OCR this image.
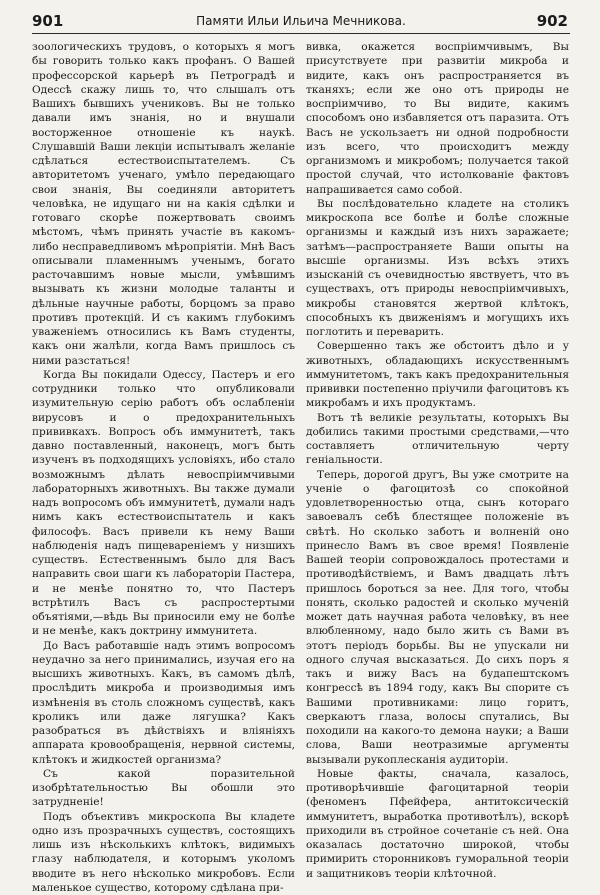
901	Памяти Ильи Ильича Мечникова.	902

зоологическихъ трудовъ, о которыхъ я могъ бы говорить только какъ профанъ. О Вашей профессорской карьерѣ въ Петроградѣ и Одессѣ скажу лишь то, что слышалъ отъ Вашихъ бывшихъ учениковъ. Вы не только давали имъ знанія, но и внушали восторженное отношеніе къ наукѣ. Слушавшій Ваши лекціи испытывалъ желаніе сдѣлаться естествоиспытателемъ. Съ авторитетомъ ученаго, умѣло передающаго свои знанія, Вы соединяли авторитетъ человѣка, не идущаго ни на какія сдѣлки и готоваго скорѣе пожертвовать своимъ мѣстомъ, чѣмъ принять участіе въ какомъ-либо несправедливомъ мѣропріятіи. Мнѣ Васъ описывали пламеннымъ ученымъ, богато расточавшимъ новые мысли, умѣвшимъ вызывать къ жизни молодые таланты и дѣльные научные работы, борцомъ за право противъ протекцій. И съ какимъ глубокимъ уваженіемъ относились къ Вамъ студенты, какъ они жалѣли, когда Вамъ пришлось съ ними разстаться!

Когда Вы покидали Одессу, Пастеръ и его сотрудники только что опубликовали изумительную серію работъ объ ослабленіи вирусовъ и о предохранительныхъ прививкахъ. Вопросъ объ иммунитетѣ, такъ давно поставленный, наконецъ, могъ быть изученъ въ подходящихъ условіяхъ, ибо стало возможнымъ дѣлать невоспріимчивыми лабораторныхъ животныхъ. Вы также думали надъ вопросомъ объ иммунитетѣ, думали надъ нимъ какъ естествоиспытатель и какъ философъ. Васъ привели къ нему Ваши наблюденія надъ пищевареніемъ у низшихъ существъ. Естественнымъ было для Васъ направить свои шаги къ лабораторіи Пастера, и не менѣе понятно то, что Пастеръ встрѣтилъ Васъ съ распростертыми объятіями,—вѣдь Вы приносили ему не болѣе и не менѣе, какъ доктрину иммунитета.

До Васъ работавшіе надъ этимъ вопросомъ неудачно за него принимались, изучая его на высшихъ животныхъ. Какъ, въ самомъ дѣлѣ, прослѣдить микроба и производимыя имъ измѣненія въ столь сложномъ существѣ, какъ кроликъ или даже лягушка? Какъ разобраться въ дѣйствіяхъ и вліяніяхъ аппарата кровообращенія, нервной системы, клѣтокъ и жидкостей организма?

Съ какой поразительной изобрѣтательностью Вы обошли это затрудненіе!

Подъ объективъ микроскопа Вы кладете одно изъ прозрачныхъ существъ, состоящихъ лишь изъ нѣсколькихъ клѣтокъ, видимыхъ глазу наблюдателя, и которымъ уколомъ вводите въ него нѣсколько микробовъ. Если маленькое существо, которому сдѣлана при-

вивка, окажется воспріимчивымъ, Вы присутствуете при развитіи микроба и видите, какъ онъ распространяется въ тканяхъ; если же оно отъ природы не воспріимчиво, то Вы видите, какимъ способомъ оно избавляется отъ паразита. Отъ Васъ не ускользаетъ ни одной подробности изъ всего, что происходитъ между организмомъ и микробомъ; получается такой простой случай, что истолкованіе фактовъ напрашивается само собой.

Вы послѣдовательно кладете на столикъ микроскопа все болѣе и болѣе сложные организмы и каждый изъ нихъ заражаете; затѣмъ—распространяете Ваши опыты на высшіе организмы. Изъ всѣхъ этихъ изысканій съ очевидностью явствуетъ, что въ существахъ, отъ природы невоспріимчивыхъ, микробы становятся жертвой клѣтокъ, способныхъ къ движеніямъ и могущихъ ихъ поглотить и переварить.

Совершенно такъ же обстоитъ дѣло и у животныхъ, обладающихъ искусственнымъ иммунитетомъ, такъ какъ предохранительныя прививки постепенно пріучили фагоцитовъ къ микробамъ и ихъ продуктамъ.

Вотъ тѣ великіе результаты, которыхъ Вы добились такими простыми средствами,—что составляетъ отличительную черту геніальности.

Теперь, дорогой другъ, Вы уже смотрите на ученіе о фагоцитозѣ со спокойной удовлетворенностью отца, сынъ котораго завоевалъ себѣ блестящее положеніе въ свѣтѣ. Но сколько заботъ и волненій оно принесло Вамъ въ свое время! Появленіе Вашей теоріи сопровождалось протестами и противодѣйствіемъ, и Вамъ двадцать лѣтъ пришлось бороться за нее. Для того, чтобы понять, сколько радостей и сколько мученій может дать научная работа человѣку, въ нее влюбленному, надо было жить съ Вами въ этотъ періодъ борьбы. Вы не упускали ни одного случая высказаться. До сихъ поръ я такъ и вижу Васъ на будапештскомъ конгрессѣ въ 1894 году, какъ Вы спорите съ Вашими противниками: лицо горитъ, сверкаютъ глаза, волосы спутались, Вы походили на какого-то демона науки; а Ваши слова, Ваши неотразимые аргументы вызывали рукоплесканія аудиторіи.

Новые факты, сначала, казалось, противорѣчившіе фагоцитарной теоріи (феноменъ Пфейфера, антитоксическій иммунитетъ, выработка противотѣлъ), вскорѣ приходили въ стройное сочетаніе съ ней. Она оказалась достаточно широкой, чтобы примирить сторонниковъ гуморальной теоріи и защитниковъ теоріи клѣточной.
